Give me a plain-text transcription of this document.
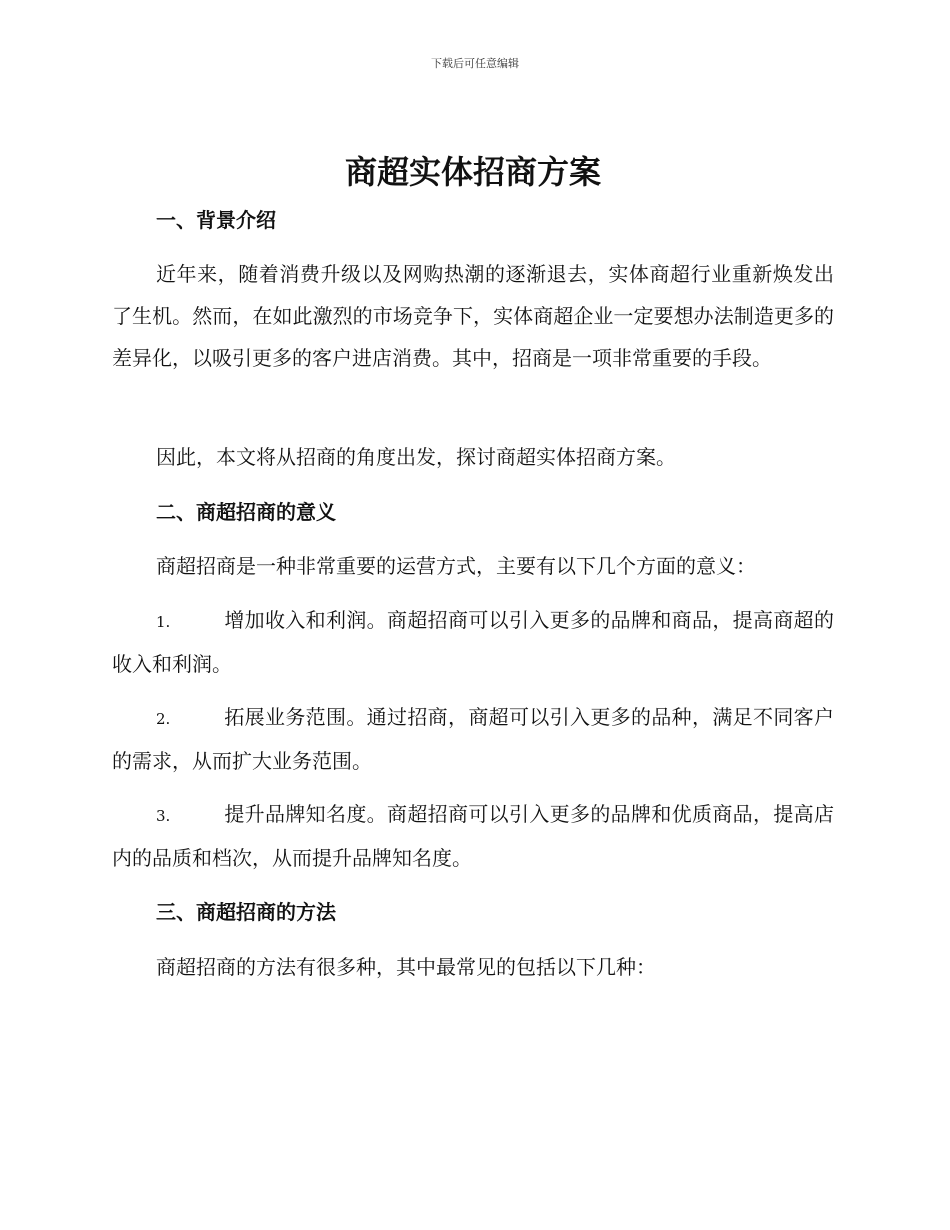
下载后可任意编辑
商超实体招商方案
一、背景介绍
近年来，随着消费升级以及网购热潮的逐渐退去，实体商超行业重新焕发出了生机。然而，在如此激烈的市场竞争下，实体商超企业一定要想办法制造更多的差异化，以吸引更多的客户进店消费。其中，招商是一项非常重要的手段。
因此，本文将从招商的角度出发，探讨商超实体招商方案。
二、商超招商的意义
商超招商是一种非常重要的运营方式，主要有以下几个方面的意义：
1.	增加收入和利润。商超招商可以引入更多的品牌和商品，提高商超的收入和利润。
2.	拓展业务范围。通过招商，商超可以引入更多的品种，满足不同客户的需求，从而扩大业务范围。
3.	提升品牌知名度。商超招商可以引入更多的品牌和优质商品，提高店内的品质和档次，从而提升品牌知名度。
三、商超招商的方法
商超招商的方法有很多种，其中最常见的包括以下几种：
